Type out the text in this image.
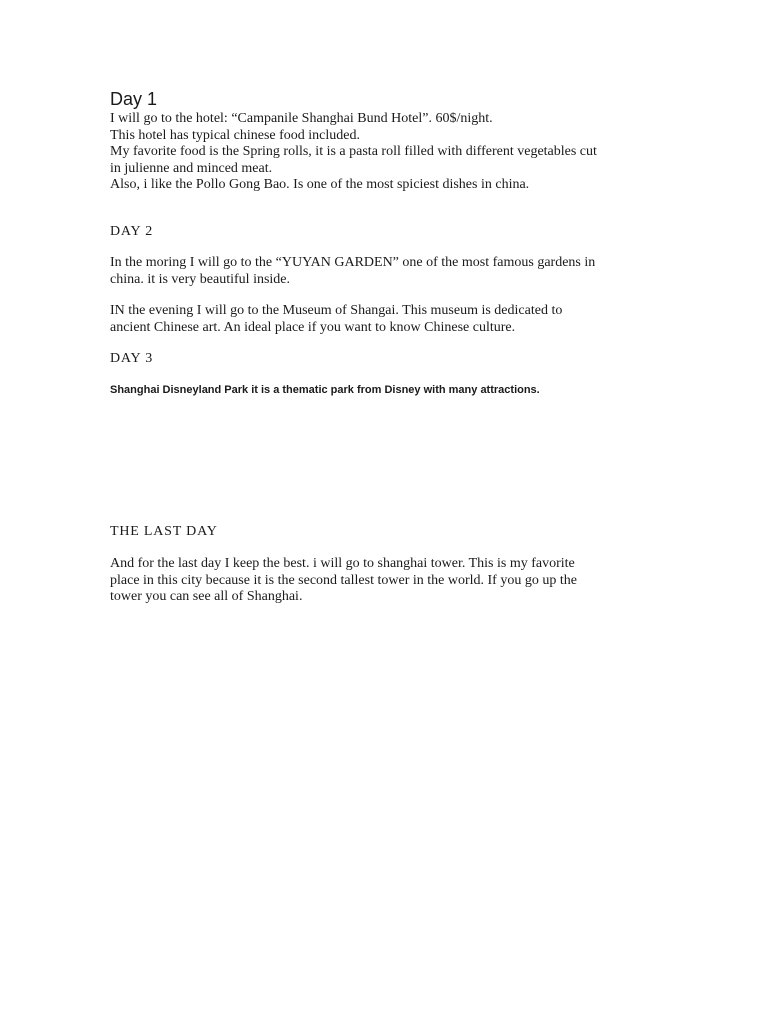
Day 1
I will go to the hotel: “Campanile Shanghai Bund Hotel”. 60$/night.
This hotel has typical chinese food included.
My favorite food is the Spring rolls, it is a pasta roll filled with different vegetables cut
in julienne and minced meat.
Also, i like the Pollo Gong Bao. Is one of the most spiciest dishes in china.
DAY 2
In the moring I will go to the “YUYAN GARDEN” one of the most famous gardens in
china. it is very beautiful inside.
IN the evening I will go to the Museum of Shangai. This museum is dedicated to
ancient Chinese art. An ideal place if you want to know Chinese culture.
DAY 3
Shanghai Disneyland Park it is a thematic park from Disney with many attractions.
THE LAST DAY
And for the last day I keep the best. i will go to shanghai tower. This is my favorite
place in this city because it is the second tallest tower in the world. If you go up the
tower you can see all of Shanghai.
